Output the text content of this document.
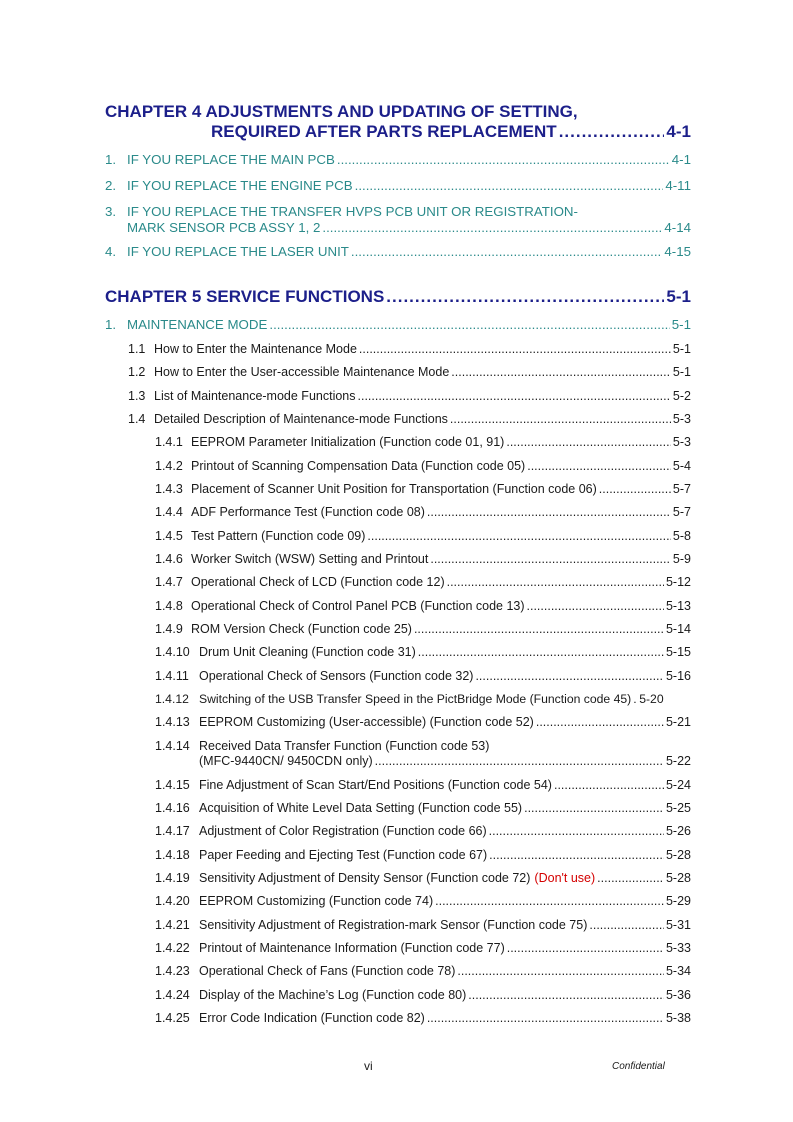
CHAPTER 4 ADJUSTMENTS AND UPDATING OF SETTING,
REQUIRED AFTER PARTS REPLACEMENT .....	4-1
1. IF YOU REPLACE THE MAIN PCB .....	4-1
2. IF YOU REPLACE THE ENGINE PCB .....	4-11
3. IF YOU REPLACE THE TRANSFER HVPS PCB UNIT OR REGISTRATION-
MARK SENSOR PCB ASSY 1, 2 .....	4-14
4. IF YOU REPLACE THE LASER UNIT .....	4-15
CHAPTER 5 SERVICE FUNCTIONS .....	5-1
1. MAINTENANCE MODE .....	5-1
1.1 How to Enter the Maintenance Mode .....	5-1
1.2 How to Enter the User-accessible Maintenance Mode .....	5-1
1.3 List of Maintenance-mode Functions .....	5-2
1.4 Detailed Description of Maintenance-mode Functions .....	5-3
1.4.1 EEPROM Parameter Initialization (Function code 01, 91) .....	5-3
1.4.2 Printout of Scanning Compensation Data (Function code 05) .....	5-4
1.4.3 Placement of Scanner Unit Position for Transportation (Function code 06) .....	5-7
1.4.4 ADF Performance Test (Function code 08) .....	5-7
1.4.5 Test Pattern (Function code 09) .....	5-8
1.4.6 Worker Switch (WSW) Setting and Printout .....	5-9
1.4.7 Operational Check of LCD (Function code 12) .....	5-12
1.4.8 Operational Check of Control Panel PCB (Function code 13) .....	5-13
1.4.9 ROM Version Check (Function code 25) .....	5-14
1.4.10 Drum Unit Cleaning (Function code 31) .....	5-15
1.4.11 Operational Check of Sensors (Function code 32) .....	5-16
1.4.12 Switching of the USB Transfer Speed in the PictBridge Mode (Function code 45) ..... 5-20
1.4.13 EEPROM Customizing (User-accessible) (Function code 52) .....	5-21
1.4.14 Received Data Transfer Function (Function code 53)
(MFC-9440CN/ 9450CDN only) .....	5-22
1.4.15 Fine Adjustment of Scan Start/End Positions (Function code 54) .....	5-24
1.4.16 Acquisition of White Level Data Setting (Function code 55) .....	5-25
1.4.17 Adjustment of Color Registration (Function code 66) .....	5-26
1.4.18 Paper Feeding and Ejecting Test (Function code 67) .....	5-28
1.4.19 Sensitivity Adjustment of Density Sensor (Function code 72) (Don't use) .....	5-28
1.4.20 EEPROM Customizing (Function code 74) .....	5-29
1.4.21 Sensitivity Adjustment of Registration-mark Sensor (Function code 75) .....	5-31
1.4.22 Printout of Maintenance Information (Function code 77) .....	5-33
1.4.23 Operational Check of Fans (Function code 78) .....	5-34
1.4.24 Display of the Machine’s Log (Function code 80) .....	5-36
1.4.25 Error Code Indication (Function code 82) .....	5-38
vi	Confidential
